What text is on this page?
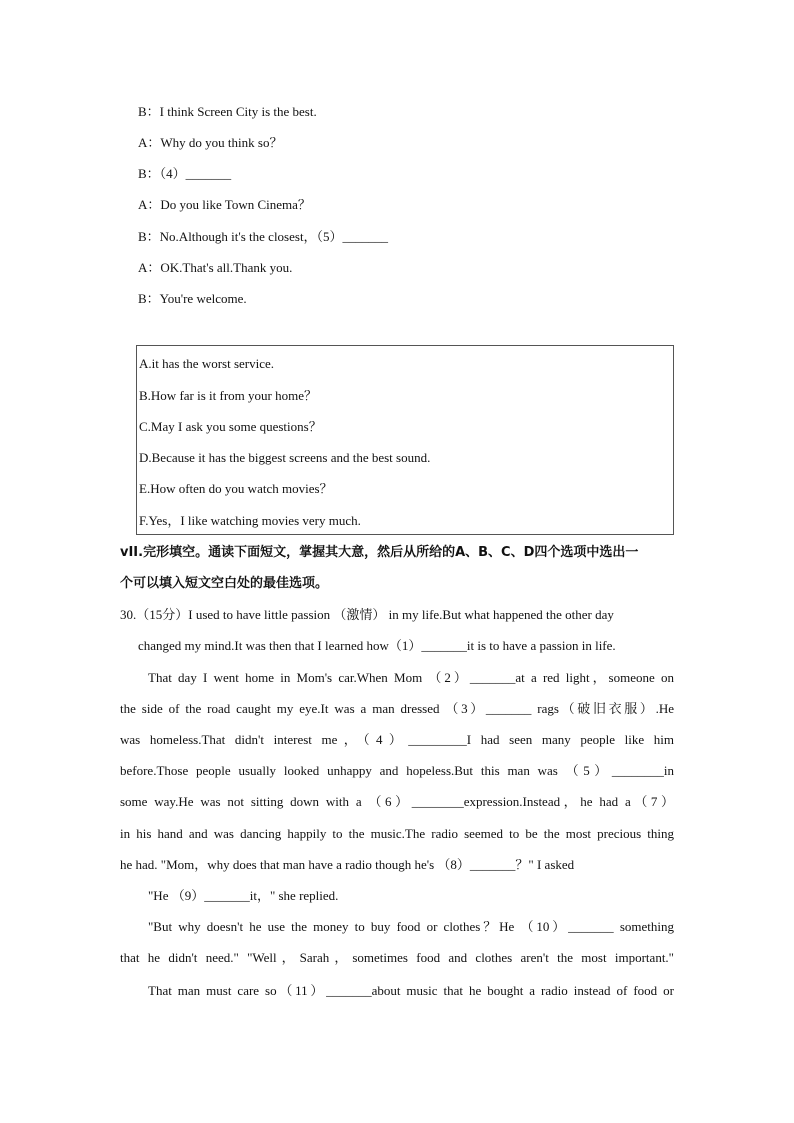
B：I think Screen City is the best.
A：Why do you think so？
B：（4）_______
A：Do you like Town Cinema？
B：No.Although it's the closest，（5）_______
A：OK.That's all.Thank you.
B：You're welcome.
A.it has the worst service.
B.How far is it from your home？
C.May I ask you some questions？
D.Because it has the biggest screens and the best sound.
E.How often do you watch movies？
F.Yes，I like watching movies very much.
vII.完形填空。通读下面短文，掌握其大意，然后从所给的A、B、C、D四个选项中选出一
个可以填入短文空白处的最佳选项。
30.（15分）I used to have little passion （激情） in my life.But what happened the other day
changed my mind.It was then that I learned how（1）_______it is to have a passion in life.
That day I went home in Mom's car.When Mom （2）_______at a red light，someone on
the side of the road caught my eye.It was a man dressed （3）_______ rags（破旧衣服）.He
was homeless.That didn't interest me，（4）_________I had seen many people like him
before.Those people usually looked unhappy and hopeless.But this man was （5）________in
some way.He was not sitting down with a （6）________expression.Instead，he had a（7）
in his hand and was dancing happily to the music.The radio seemed to be the most precious thing
he had. "Mom，why does that man have a radio though he's （8）_______？" I asked
"He （9）_______it，" she replied.
"But why doesn't he use the money to buy food or clothes？He （10）_______ something
that he didn't need." "Well，Sarah，sometimes food and clothes aren't the most important."
That man must care so（11）_______about music that he bought a radio instead of food or
